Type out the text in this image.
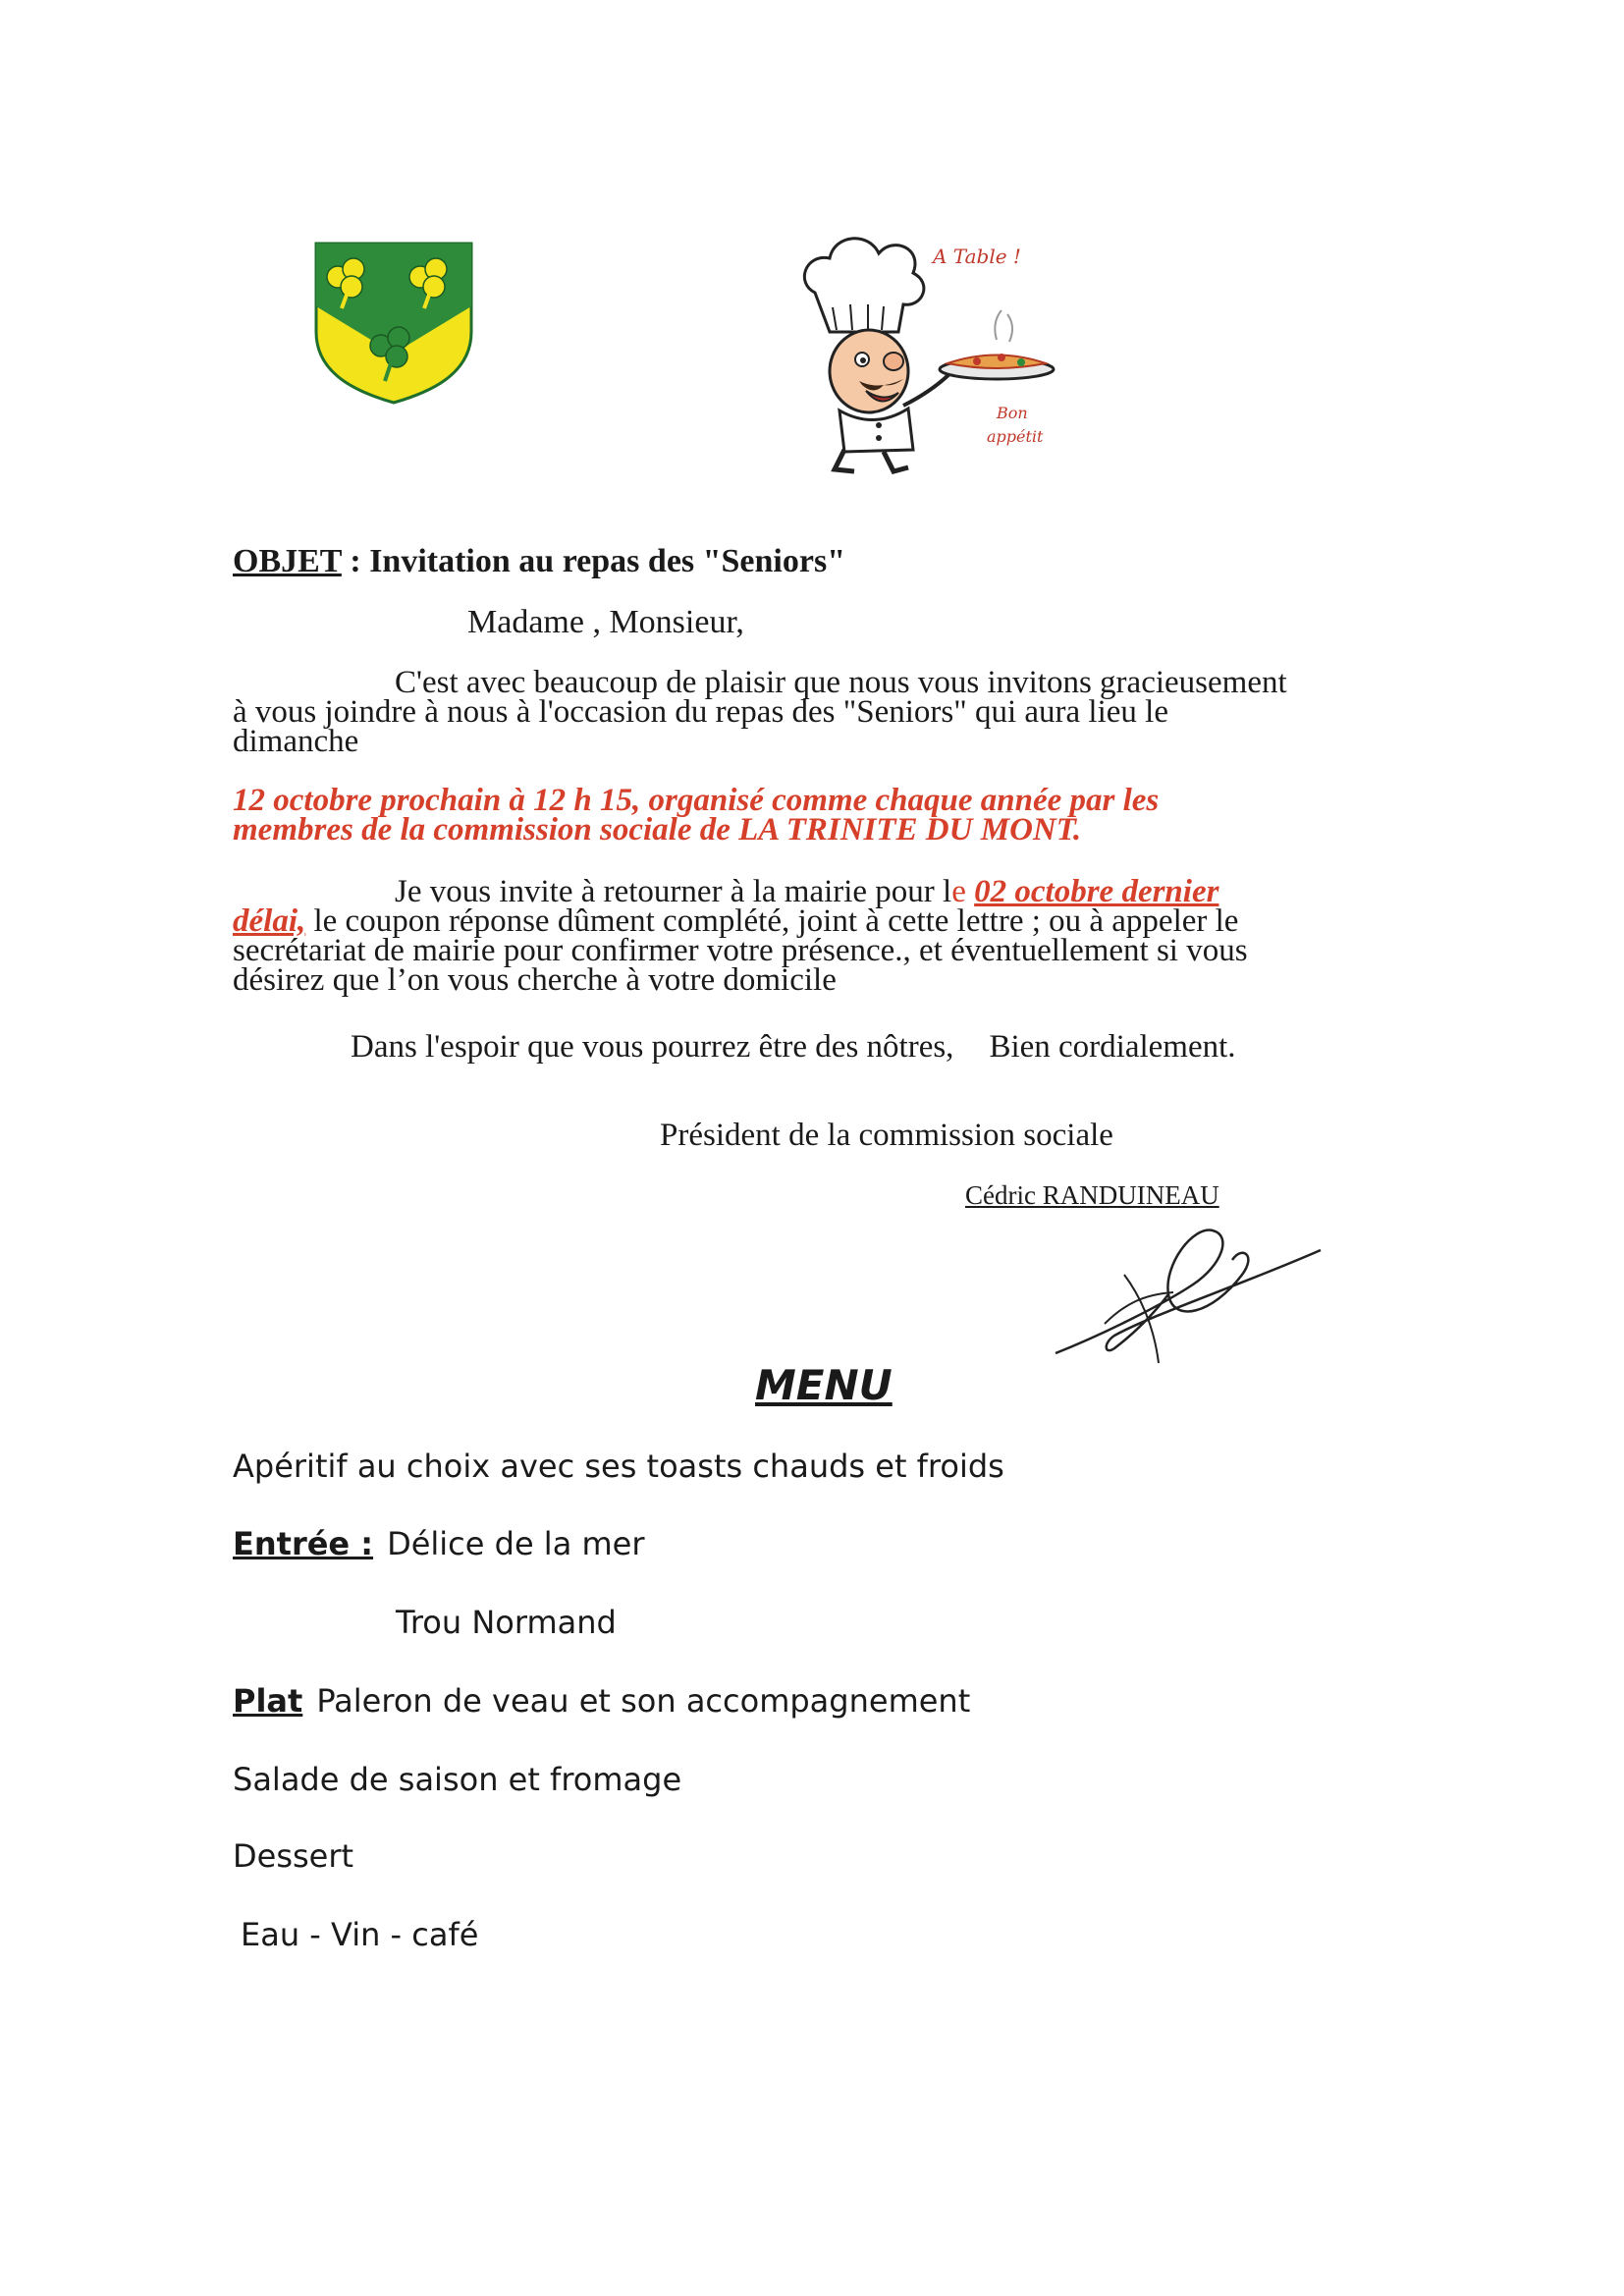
A Table !
Bon
appétit
OBJET : Invitation au repas des "Seniors"
Madame , Monsieur,
C'est avec beaucoup de plaisir que nous vous invitons gracieusement
à vous joindre à nous à l'occasion du repas des "Seniors" qui aura lieu le
dimanche
12 octobre prochain à 12 h 15, organisé comme chaque année par les
membres de la commission sociale de LA TRINITE DU MONT.
Je vous invite à retourner à la mairie pour le 02 octobre dernier
délai, le coupon réponse dûment complété, joint à cette lettre ; ou à appeler le
secrétariat de mairie pour confirmer votre présence., et éventuellement si vous
désirez que l’on vous cherche à votre domicile
Dans l'espoir que vous pourrez être des nôtres, Bien cordialement.
Président de la commission sociale
Cédric RANDUINEAU
MENU
Apéritif au choix avec ses toasts chauds et froids
Entrée : Délice de la mer
Trou Normand
Plat Paleron de veau et son accompagnement
Salade de saison et fromage
Dessert
Eau - Vin - café
